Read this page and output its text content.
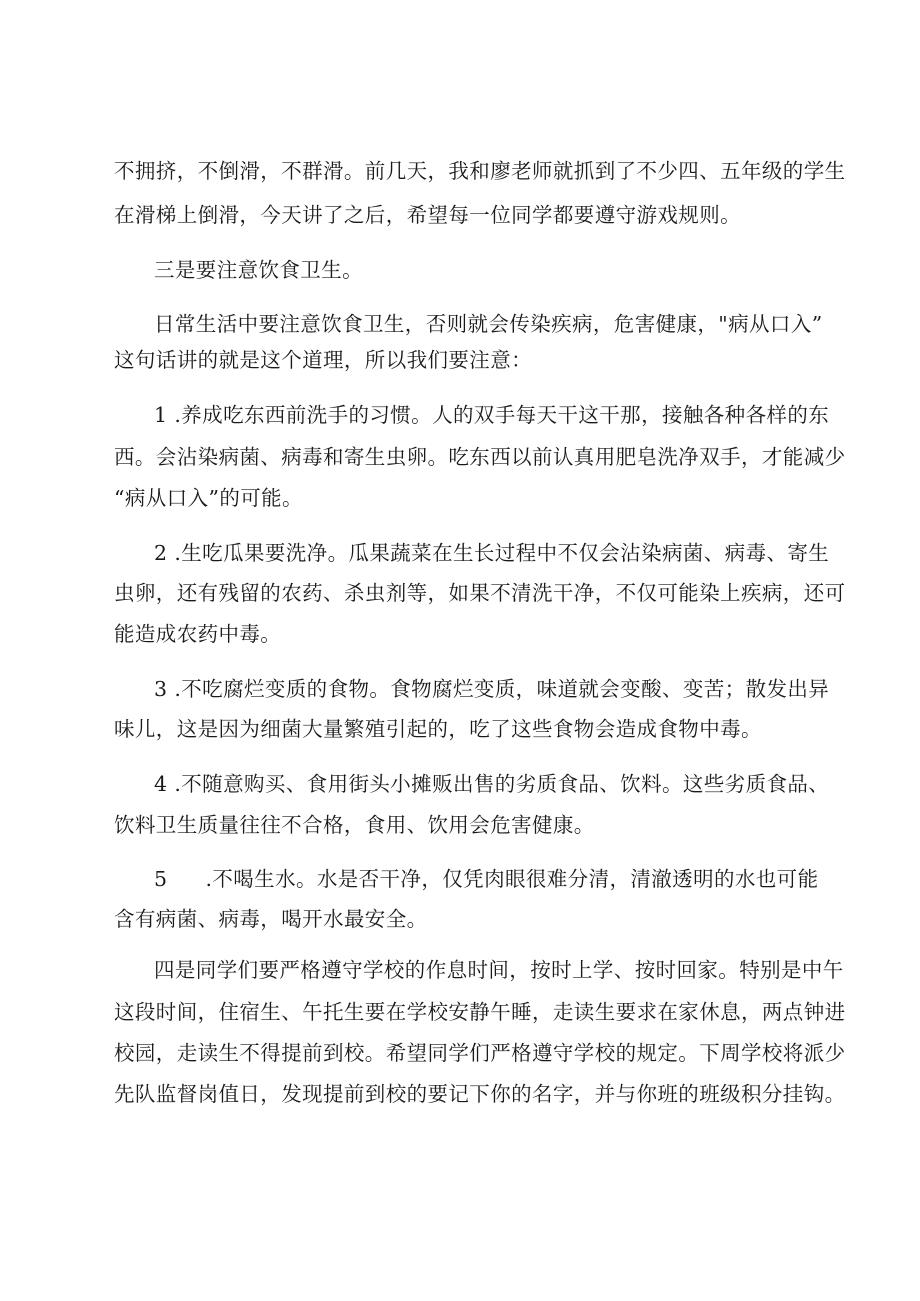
不拥挤，不倒滑，不群滑。前几天，我和廖老师就抓到了不少四、五年级的学生
在滑梯上倒滑，今天讲了之后，希望每一位同学都要遵守游戏规则。
三是要注意饮食卫生。
日常生活中要注意饮食卫生，否则就会传染疾病，危害健康，"病从口入”
这句话讲的就是这个道理，所以我们要注意：
1 .养成吃东西前洗手的习惯。人的双手每天干这干那，接触各种各样的东
西。会沾染病菌、病毒和寄生虫卵。吃东西以前认真用肥皂洗净双手，才能减少
“病从口入”的可能。
2 .生吃瓜果要洗净。瓜果蔬菜在生长过程中不仅会沾染病菌、病毒、寄生
虫卵，还有残留的农药、杀虫剂等，如果不清洗干净，不仅可能染上疾病，还可
能造成农药中毒。
3 .不吃腐烂变质的食物。食物腐烂变质，味道就会变酸、变苦；散发出异
味儿，这是因为细菌大量繁殖引起的，吃了这些食物会造成食物中毒。
4 .不随意购买、食用街头小摊贩出售的劣质食品、饮料。这些劣质食品、
饮料卫生质量往往不合格，食用、饮用会危害健康。
5 .不喝生水。水是否干净，仅凭肉眼很难分清，清澈透明的水也可能
含有病菌、病毒，喝开水最安全。
四是同学们要严格遵守学校的作息时间，按时上学、按时回家。特别是中午
这段时间，住宿生、午托生要在学校安静午睡，走读生要求在家休息，两点钟进
校园，走读生不得提前到校。希望同学们严格遵守学校的规定。下周学校将派少
先队监督岗值日，发现提前到校的要记下你的名字，并与你班的班级积分挂钩。
